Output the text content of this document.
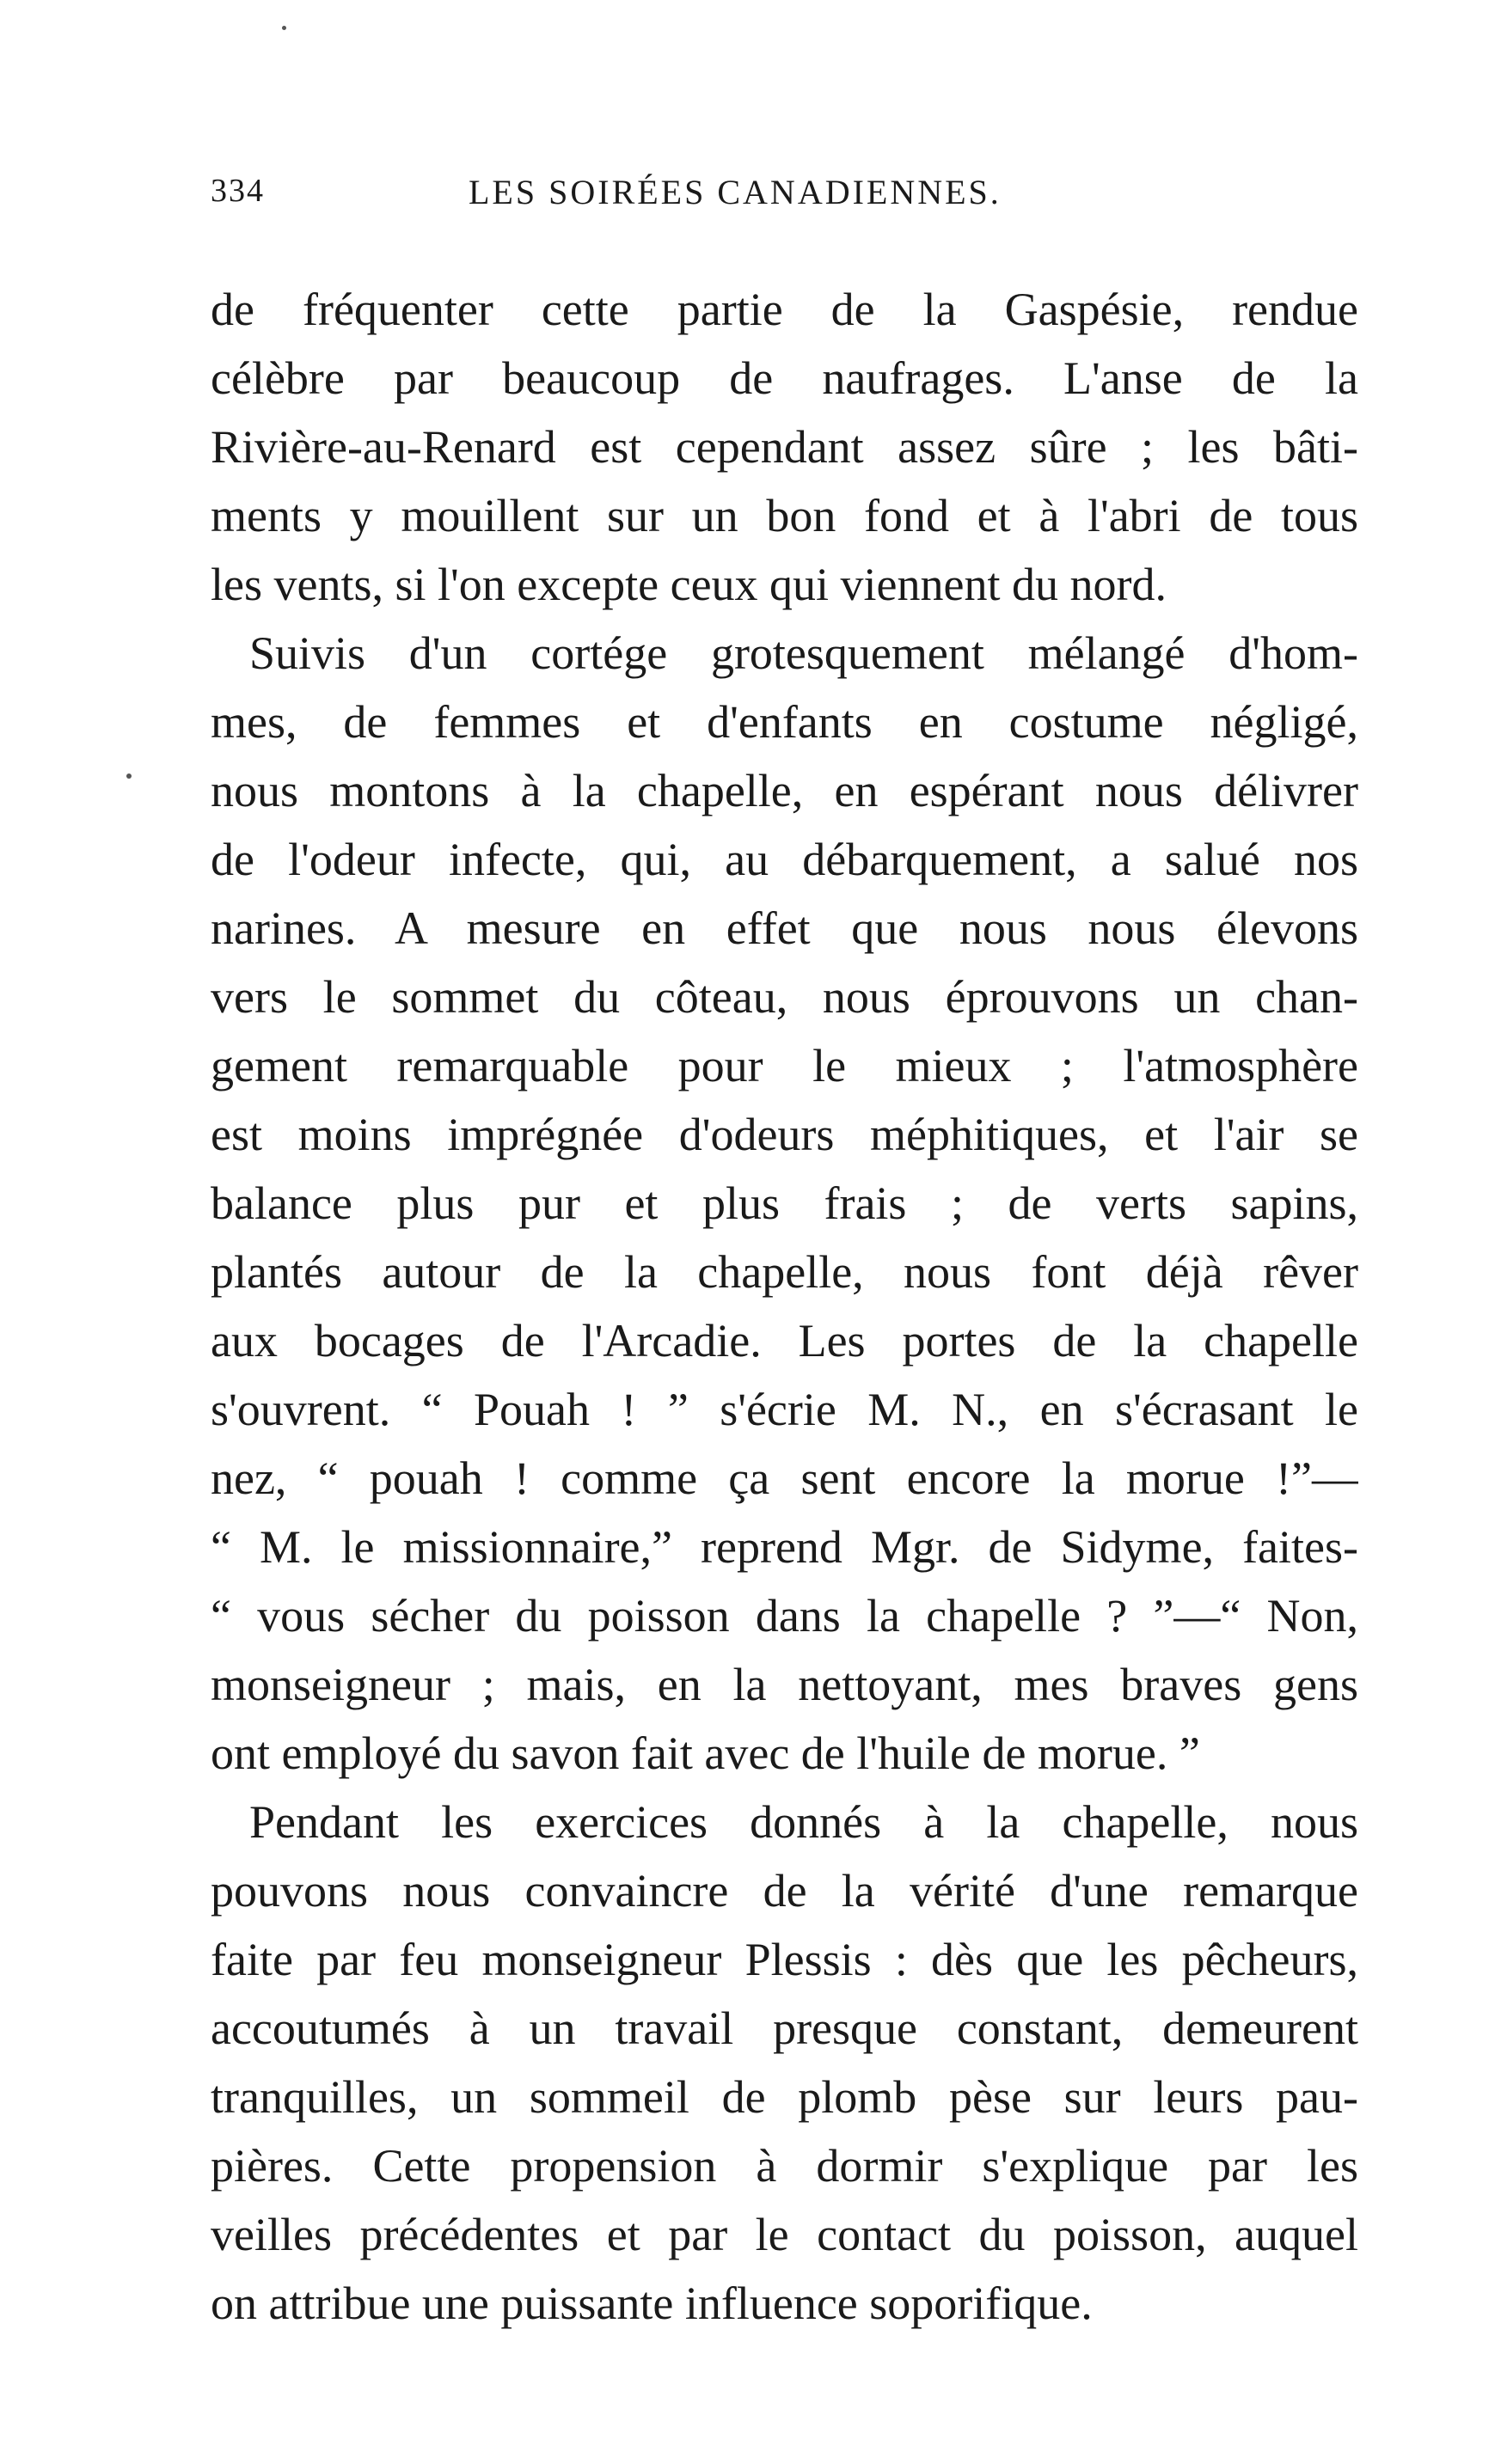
334	LES SOIRÉES CANADIENNES.
de fréquenter cette partie de la Gaspésie, rendue
célèbre par beaucoup de naufrages. L'anse de la
Rivière-au-Renard est cependant assez sûre ; les bâti-
ments y mouillent sur un bon fond et à l'abri de tous
les vents, si l'on excepte ceux qui viennent du nord.
Suivis d'un cortége grotesquement mélangé d'hom-
mes, de femmes et d'enfants en costume négligé,
nous montons à la chapelle, en espérant nous délivrer
de l'odeur infecte, qui, au débarquement, a salué nos
narines. A mesure en effet que nous nous élevons
vers le sommet du côteau, nous éprouvons un chan-
gement remarquable pour le mieux ; l'atmosphère
est moins imprégnée d'odeurs méphitiques, et l'air se
balance plus pur et plus frais ; de verts sapins,
plantés autour de la chapelle, nous font déjà rêver
aux bocages de l'Arcadie. Les portes de la chapelle
s'ouvrent. “ Pouah ! ” s'écrie M. N., en s'écrasant le
nez, “ pouah ! comme ça sent encore la morue !”—
“ M. le missionnaire,” reprend Mgr. de Sidyme, faites-
“ vous sécher du poisson dans la chapelle ? ”—“ Non,
monseigneur ; mais, en la nettoyant, mes braves gens
ont employé du savon fait avec de l'huile de morue. ”
Pendant les exercices donnés à la chapelle, nous
pouvons nous convaincre de la vérité d'une remarque
faite par feu monseigneur Plessis : dès que les pêcheurs,
accoutumés à un travail presque constant, demeurent
tranquilles, un sommeil de plomb pèse sur leurs pau-
pières. Cette propension à dormir s'explique par les
veilles précédentes et par le contact du poisson, auquel
on attribue une puissante influence soporifique.
